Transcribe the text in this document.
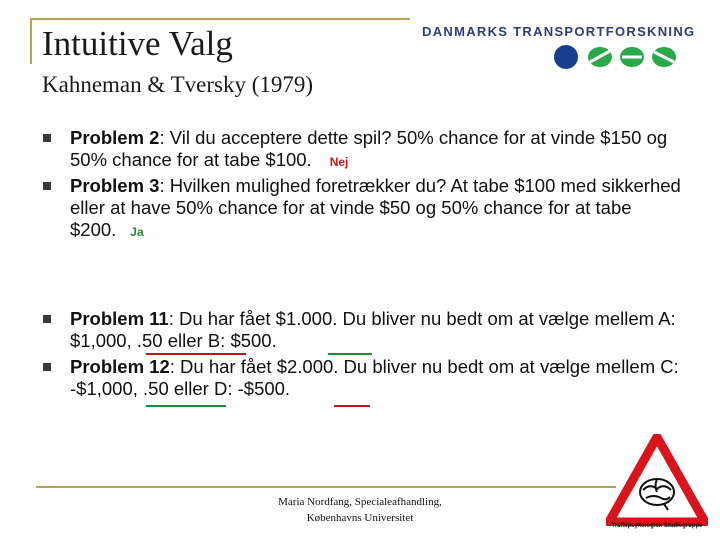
Intuitive Valg
Kahneman & Tversky (1979)
DANMARKS TRANSPORTFORSKNING
Problem 2: Vil du acceptere dette spil? 50% chance for at vinde $150 og 50% chance for at tabe $100. Nej
Problem 3: Hvilken mulighed foretrækker du? At tabe $100 med sikkerhed eller at have 50% chance for at vinde $50 og 50% chance for at tabe $200. Ja
Problem 11: Du har fået $1.000. Du bliver nu bedt om at vælge mellem A: $1,000, .50 eller B: $500.
Problem 12: Du har fået $2.000. Du bliver nu bedt om at vælge mellem C: -$1,000, .50 eller D: -$500.
Maria Nordfang, Specialeafhandling,
Københavns Universitet
Trafikpsykologisk Studiegruppe
